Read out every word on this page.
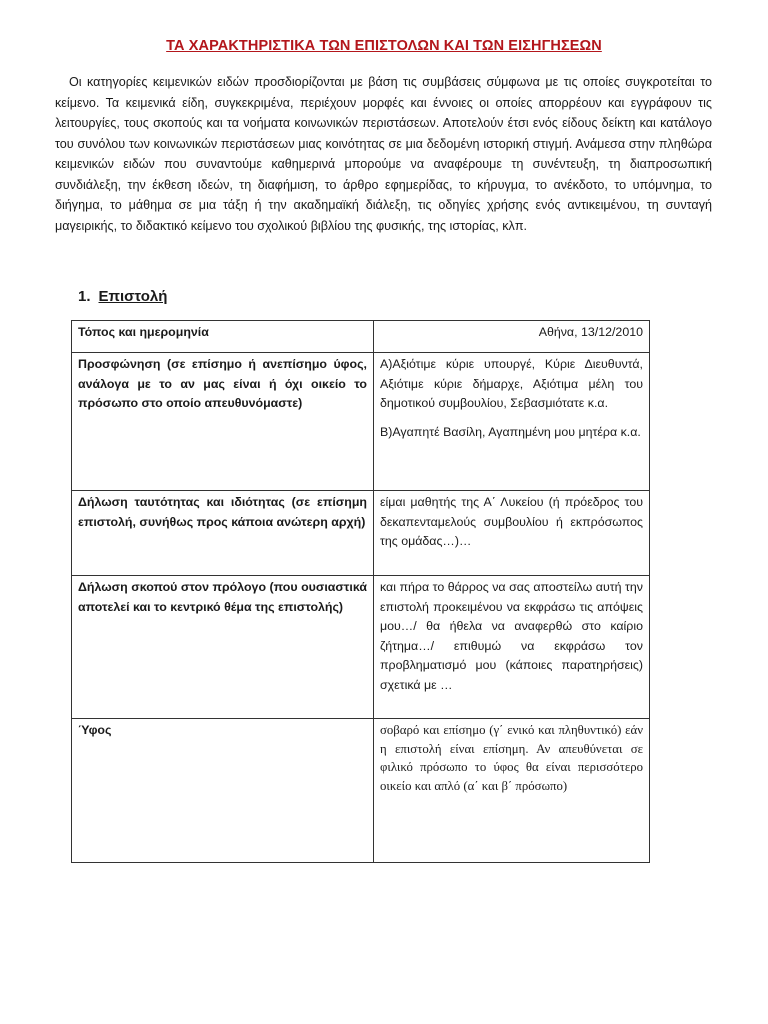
ΤΑ ΧΑΡΑΚΤΗΡΙΣΤΙΚΑ ΤΩΝ ΕΠΙΣΤΟΛΩΝ ΚΑΙ ΤΩΝ ΕΙΣΗΓΗΣΕΩΝ

Οι κατηγορίες κειμενικών ειδών προσδιορίζονται με βάση τις συμβάσεις σύμφωνα με τις οποίες συγκροτείται το κείμενο. Τα κειμενικά είδη, συγκεκριμένα, περιέχουν μορφές και έννοιες οι οποίες απορρέουν και εγγράφουν τις λειτουργίες, τους σκοπούς και τα νοήματα κοινωνικών περιστάσεων. Αποτελούν έτσι ενός είδους δείκτη και κατάλογο του συνόλου των κοινωνικών περιστάσεων μιας κοινότητας σε μια δεδομένη ιστορική στιγμή. Ανάμεσα στην πληθώρα κειμενικών ειδών που συναντούμε καθημερινά μπορούμε να αναφέρουμε τη συνέντευξη, τη διαπροσωπική συνδιάλεξη, την έκθεση ιδεών, τη διαφήμιση, το άρθρο εφημερίδας, το κήρυγμα, το ανέκδοτο, το υπόμνημα, το διήγημα, το μάθημα σε μια τάξη ή την ακαδημαϊκή διάλεξη, τις οδηγίες χρήσης ενός αντικειμένου, τη συνταγή μαγειρικής, το διδακτικό κείμενο του σχολικού βιβλίου της φυσικής, της ιστορίας, κλπ.

1. Επιστολή
Τόπος και ημερομηνία	Αθήνα, 13/12/2010
Προσφώνηση (σε επίσημο ή ανεπίσημο ύφος, ανάλογα με το αν μας είναι ή όχι οικείο το πρόσωπο στο οποίο απευθυνόμαστε)	Α)Αξιότιμε κύριε υπουργέ, Κύριε Διευθυντά, Αξιότιμε κύριε δήμαρχε, Αξιότιμα μέλη του δημοτικού συμβουλίου, Σεβασμιότατε κ.α.

Β)Αγαπητέ Βασίλη, Αγαπημένη μου μητέρα κ.α.

Δήλωση ταυτότητας και ιδιότητας (σε επίσημη επιστολή, συνήθως προς κάποια ανώτερη αρχή)	είμαι μαθητής της Α΄ Λυκείου (ή πρόεδρος του δεκαπενταμελούς συμβουλίου ή εκπρόσωπος της ομάδας…)…
Δήλωση σκοπού στον πρόλογο (που ουσιαστικά αποτελεί και το κεντρικό θέμα της επιστολής)	και πήρα το θάρρος να σας αποστείλω αυτή την επιστολή προκειμένου να εκφράσω τις απόψεις μου…/ θα ήθελα να αναφερθώ στο καίριο ζήτημα…/ επιθυμώ να εκφράσω τον προβληματισμό μου (κάποιες παρατηρήσεις) σχετικά με …
Ύφος	σοβαρό και επίσημο (γ΄ ενικό και πληθυντικό) εάν η επιστολή είναι επίσημη. Αν απευθύνεται σε φιλικό πρόσωπο το ύφος θα είναι περισσότερο οικείο και απλό (α΄ και β΄ πρόσωπο)
